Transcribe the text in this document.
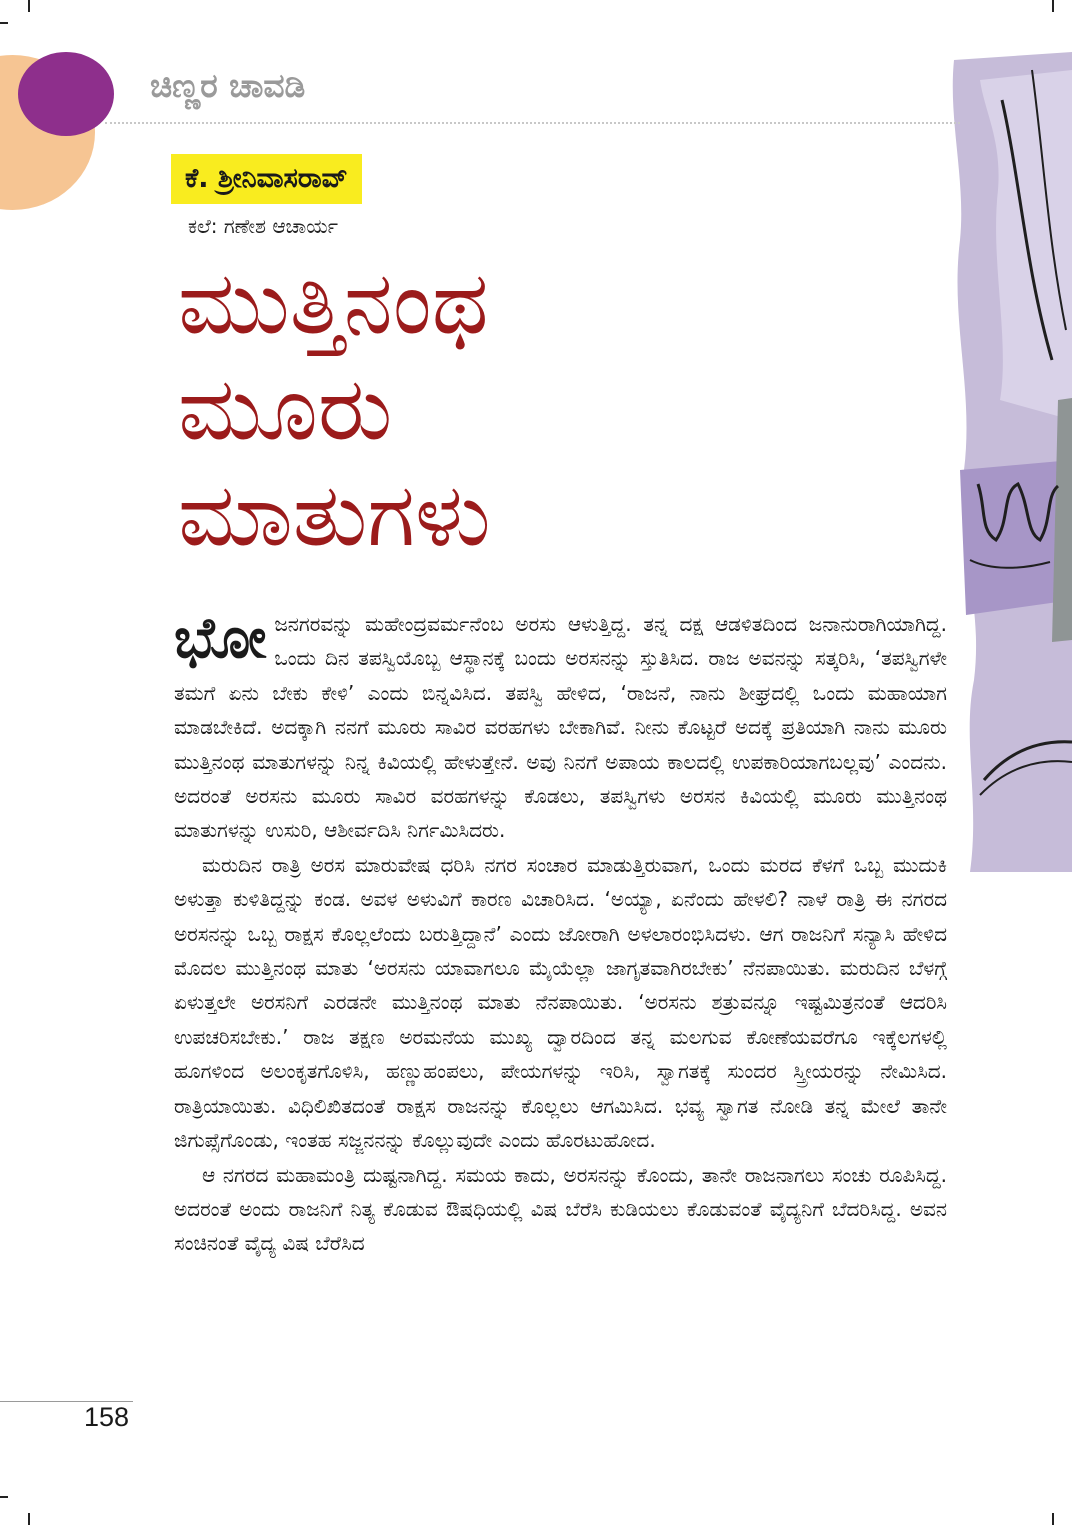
ಚಿಣ್ಣರ ಚಾವಡಿ
ಕೆ. ಶ್ರೀನಿವಾಸರಾವ್
ಕಲೆ: ಗಣೇಶ ಆಚಾರ್ಯ
ಮುತ್ತಿನಂಥ
ಮೂರು
ಮಾತುಗಳು

ಭೋಜನಗರವನ್ನು ಮಹೇಂದ್ರವರ್ಮನೆಂಬ ಅರಸು ಆಳುತ್ತಿದ್ದ. ತನ್ನ ದಕ್ಷ ಆಡಳಿತದಿಂದ ಜನಾನುರಾಗಿಯಾಗಿದ್ದ. ಒಂದು ದಿನ ತಪಸ್ವಿಯೊಬ್ಬ ಆಸ್ಥಾನಕ್ಕೆ ಬಂದು ಅರಸನನ್ನು ಸ್ತುತಿಸಿದ. ರಾಜ ಅವನನ್ನು ಸತ್ಕರಿಸಿ, ‘ತಪಸ್ವಿಗಳೇ ತಮಗೆ ಏನು ಬೇಕು ಕೇಳಿ’ ಎಂದು ಬಿನ್ನವಿಸಿದ. ತಪಸ್ವಿ ಹೇಳಿದ, ‘ರಾಜನೆ, ನಾನು ಶೀಘ್ರದಲ್ಲಿ ಒಂದು ಮಹಾಯಾಗ ಮಾಡಬೇಕಿದೆ. ಅದಕ್ಕಾಗಿ ನನಗೆ ಮೂರು ಸಾವಿರ ವರಹಗಳು ಬೇಕಾಗಿವೆ. ನೀನು ಕೊಟ್ಟರೆ ಅದಕ್ಕೆ ಪ್ರತಿಯಾಗಿ ನಾನು ಮೂರು ಮುತ್ತಿನಂಥ ಮಾತುಗಳನ್ನು ನಿನ್ನ ಕಿವಿಯಲ್ಲಿ ಹೇಳುತ್ತೇನೆ. ಅವು ನಿನಗೆ ಅಪಾಯ ಕಾಲದಲ್ಲಿ ಉಪಕಾರಿಯಾಗಬಲ್ಲವು’ ಎಂದನು. ಅದರಂತೆ ಅರಸನು ಮೂರು ಸಾವಿರ ವರಹಗಳನ್ನು ಕೊಡಲು, ತಪಸ್ವಿಗಳು ಅರಸನ ಕಿವಿಯಲ್ಲಿ ಮೂರು ಮುತ್ತಿನಂಥ ಮಾತುಗಳನ್ನು ಉಸುರಿ, ಆಶೀರ್ವದಿಸಿ ನಿರ್ಗಮಿಸಿದರು.

ಮರುದಿನ ರಾತ್ರಿ ಅರಸ ಮಾರುವೇಷ ಧರಿಸಿ ನಗರ ಸಂಚಾರ ಮಾಡುತ್ತಿರುವಾಗ, ಒಂದು ಮರದ ಕೆಳಗೆ ಒಬ್ಬ ಮುದುಕಿ ಅಳುತ್ತಾ ಕುಳಿತಿದ್ದನ್ನು ಕಂಡ. ಅವಳ ಅಳುವಿಗೆ ಕಾರಣ ವಿಚಾರಿಸಿದ. ‘ಅಯ್ಯಾ, ಏನೆಂದು ಹೇಳಲಿ? ನಾಳೆ ರಾತ್ರಿ ಈ ನಗರದ ಅರಸನನ್ನು ಒಬ್ಬ ರಾಕ್ಷಸ ಕೊಲ್ಲಲೆಂದು ಬರುತ್ತಿದ್ದಾನೆ’ ಎಂದು ಜೋರಾಗಿ ಅಳಲಾರಂಭಿಸಿದಳು. ಆಗ ರಾಜನಿಗೆ ಸನ್ಯಾಸಿ ಹೇಳಿದ ಮೊದಲ ಮುತ್ತಿನಂಥ ಮಾತು ‘ಅರಸನು ಯಾವಾಗಲೂ ಮೈಯೆಲ್ಲಾ ಜಾಗೃತವಾಗಿರಬೇಕು’ ನೆನಪಾಯಿತು. ಮರುದಿನ ಬೆಳಗ್ಗೆ ಏಳುತ್ತಲೇ ಅರಸನಿಗೆ ಎರಡನೇ ಮುತ್ತಿನಂಥ ಮಾತು ನೆನಪಾಯಿತು. ‘ಅರಸನು ಶತ್ರುವನ್ನೂ ಇಷ್ಟಮಿತ್ರನಂತೆ ಆದರಿಸಿ ಉಪಚರಿಸಬೇಕು.’ ರಾಜ ತಕ್ಷಣ ಅರಮನೆಯ ಮುಖ್ಯ ದ್ವಾರದಿಂದ ತನ್ನ ಮಲಗುವ ಕೋಣೆಯವರೆಗೂ ಇಕ್ಕೆಲಗಳಲ್ಲಿ ಹೂಗಳಿಂದ ಅಲಂಕೃತಗೊಳಿಸಿ, ಹಣ್ಣುಹಂಪಲು, ಪೇಯಗಳನ್ನು ಇರಿಸಿ, ಸ್ವಾಗತಕ್ಕೆ ಸುಂದರ ಸ್ತ್ರೀಯರನ್ನು ನೇಮಿಸಿದ. ರಾತ್ರಿಯಾಯಿತು. ವಿಧಿಲಿಖಿತದಂತೆ ರಾಕ್ಷಸ ರಾಜನನ್ನು ಕೊಲ್ಲಲು ಆಗಮಿಸಿದ. ಭವ್ಯ ಸ್ವಾಗತ ನೋಡಿ ತನ್ನ ಮೇಲೆ ತಾನೇ ಜಿಗುಪ್ಸೆಗೊಂಡು, ಇಂತಹ ಸಜ್ಜನನನ್ನು ಕೊಲ್ಲುವುದೇ ಎಂದು ಹೊರಟುಹೋದ.

ಆ ನಗರದ ಮಹಾಮಂತ್ರಿ ದುಷ್ಟನಾಗಿದ್ದ. ಸಮಯ ಕಾದು, ಅರಸನನ್ನು ಕೊಂದು, ತಾನೇ ರಾಜನಾಗಲು ಸಂಚು ರೂಪಿಸಿದ್ದ. ಅದರಂತೆ ಅಂದು ರಾಜನಿಗೆ ನಿತ್ಯ ಕೊಡುವ ಔಷಧಿಯಲ್ಲಿ ವಿಷ ಬೆರೆಸಿ ಕುಡಿಯಲು ಕೊಡುವಂತೆ ವೈದ್ಯನಿಗೆ ಬೆದರಿಸಿದ್ದ. ಅವನ ಸಂಚಿನಂತೆ ವೈದ್ಯ ವಿಷ ಬೆರೆಸಿದ

158
